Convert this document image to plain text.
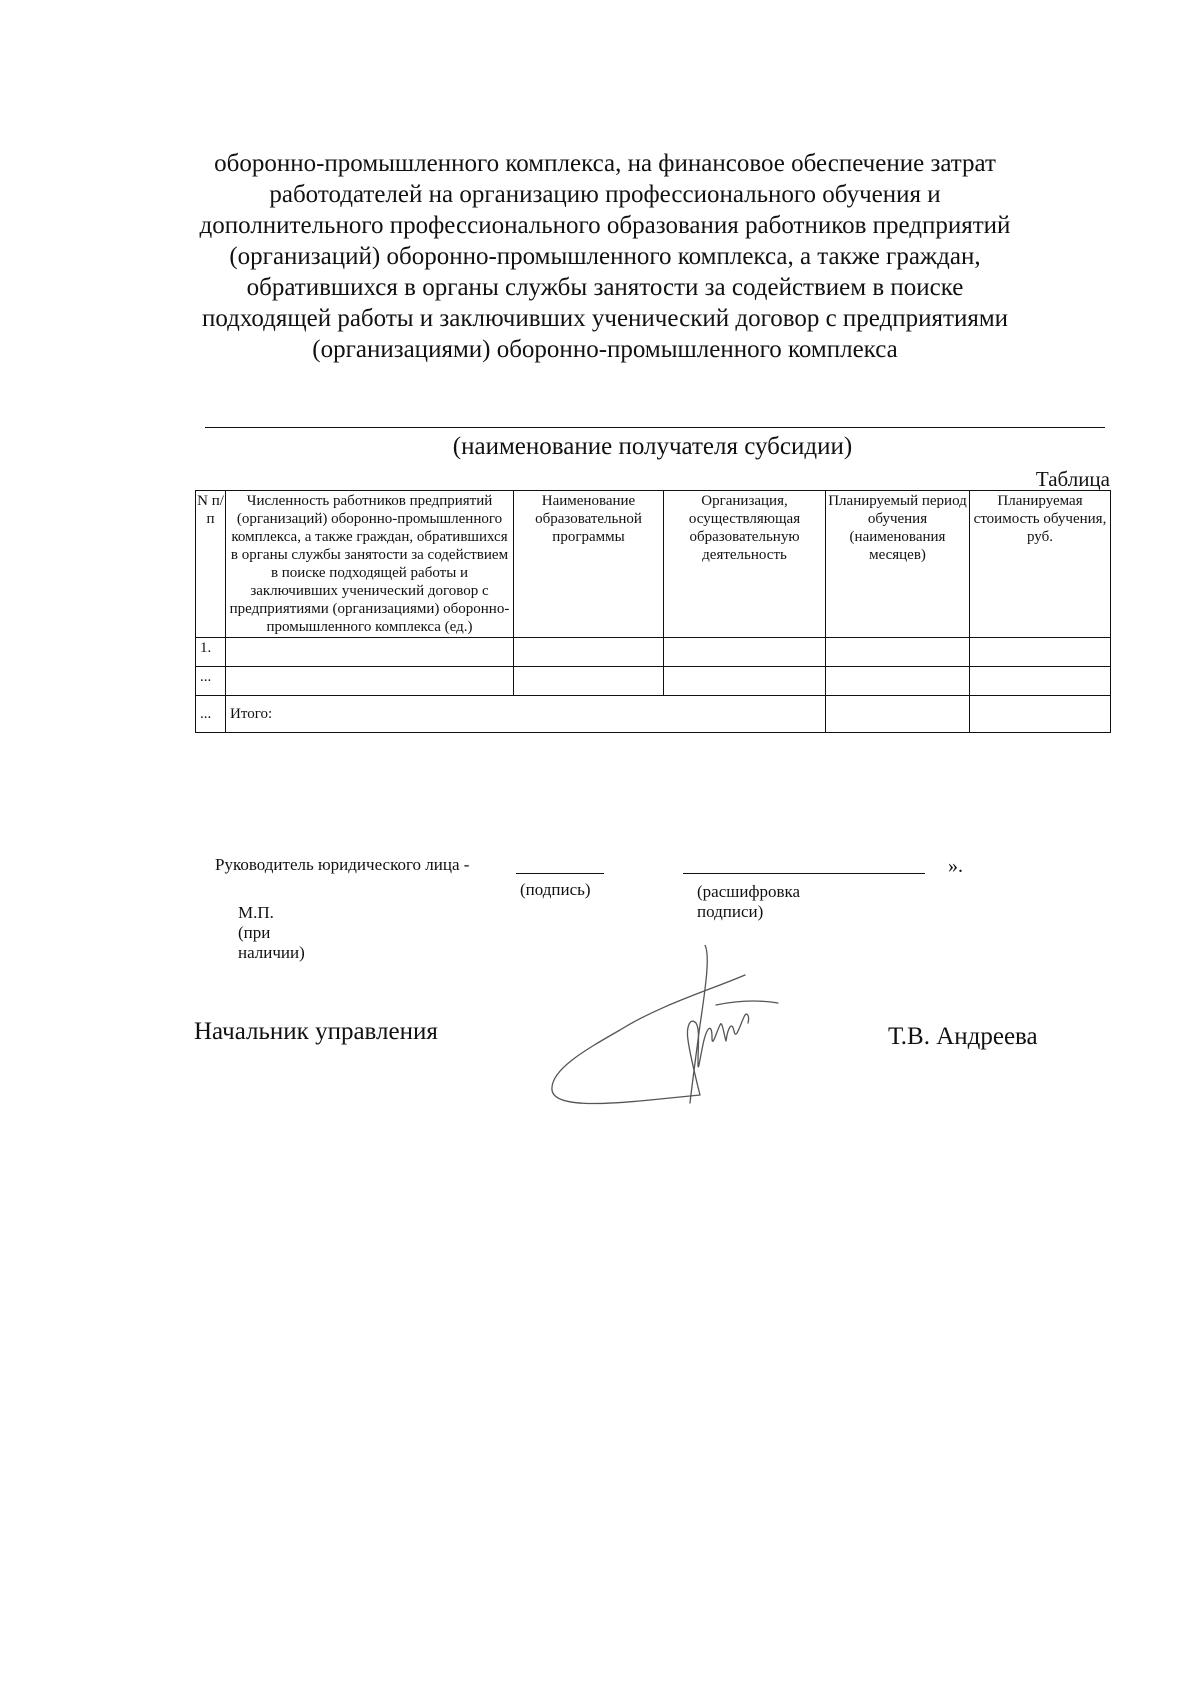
оборонно-промышленного комплекса, на финансовое обеспечение затрат
работодателей на организацию профессионального обучения и
дополнительного профессионального образования работников предприятий
(организаций) оборонно-промышленного комплекса, а также граждан,
обратившихся в органы службы занятости за содействием в поиске
подходящей работы и заключивших ученический договор с предприятиями
(организациями) оборонно-промышленного комплекса
(наименование получателя субсидии)
Таблица
N п/п	Численность работников предприятий (организаций) оборонно-промышленного комплекса, а также граждан, обратившихся в органы службы занятости за содействием в поиске подходящей работы и заключивших ученический договор с предприятиями (организациями) оборонно-промышленного комплекса (ед.)	Наименование образовательной программы	Организация, осуществляющая образовательную деятельность	Планируемый период обучения (наименования месяцев)	Планируемая стоимость обучения, руб.
1.					
...					
...	Итого:				
Руководитель юридического лица -	».
(подпись)	(расшифровка подписи)
М.П. (при наличии)
Начальник управления	Т.В. Андреева
